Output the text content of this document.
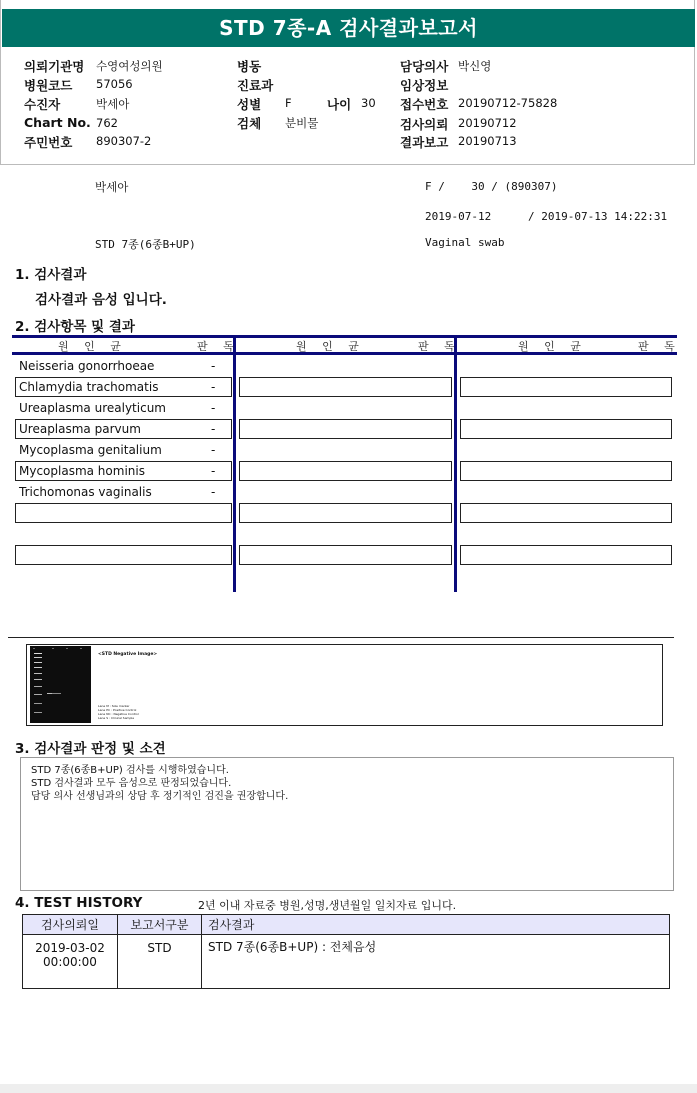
STD 7종-A 검사결과보고서
의뢰기관명 수영여성의원
병원코드 57056
수진자	박세아
Chart No. 762
주민번호 890307-2
병동
진료과
성별 F	나이 30
검체 분비물
담당의사 박신영
임상정보
접수번호 20190712-75828
검사의뢰 20190712
결과보고 20190713
박세아	F /    30 / (890307)
2019-07-12	/ 2019-07-13 14:22:31
STD 7종(6종B+UP)	Vaginal swab
1. 검사결과
검사결과 음성 입니다.
2. 검사항목 및 결과
원 인 균	판 독	원 인 균	판 독	원 인 균	판 독
Neisseria gonorrhoeae	-
Chlamydia trachomatis	-
Ureaplasma urealyticum	-
Ureaplasma parvum	-
Mycoplasma genitalium	-
Mycoplasma hominis	-
Trichomonas vaginalis	-
<STD Negative Image>
Lane M : Size marker
Lane PC : Positive Control
Lane NC : Negative Control
Lane S : Clinical Sample
3. 검사결과 판정 및 소견
STD 7종(6종B+UP) 검사를 시행하였습니다.
STD 검사결과 모두 음성으로 판정되었습니다.
담당 의사 선생님과의 상담 후 정기적인 검진을 권장합니다.
4. TEST HISTORY	2년 이내 자료중 병원,성명,생년월일 일치자료 입니다.
검사의뢰일	보고서구분	검사결과

2019-03-02
00:00:00	STD	STD 7종(6종B+UP) : 전체음성
